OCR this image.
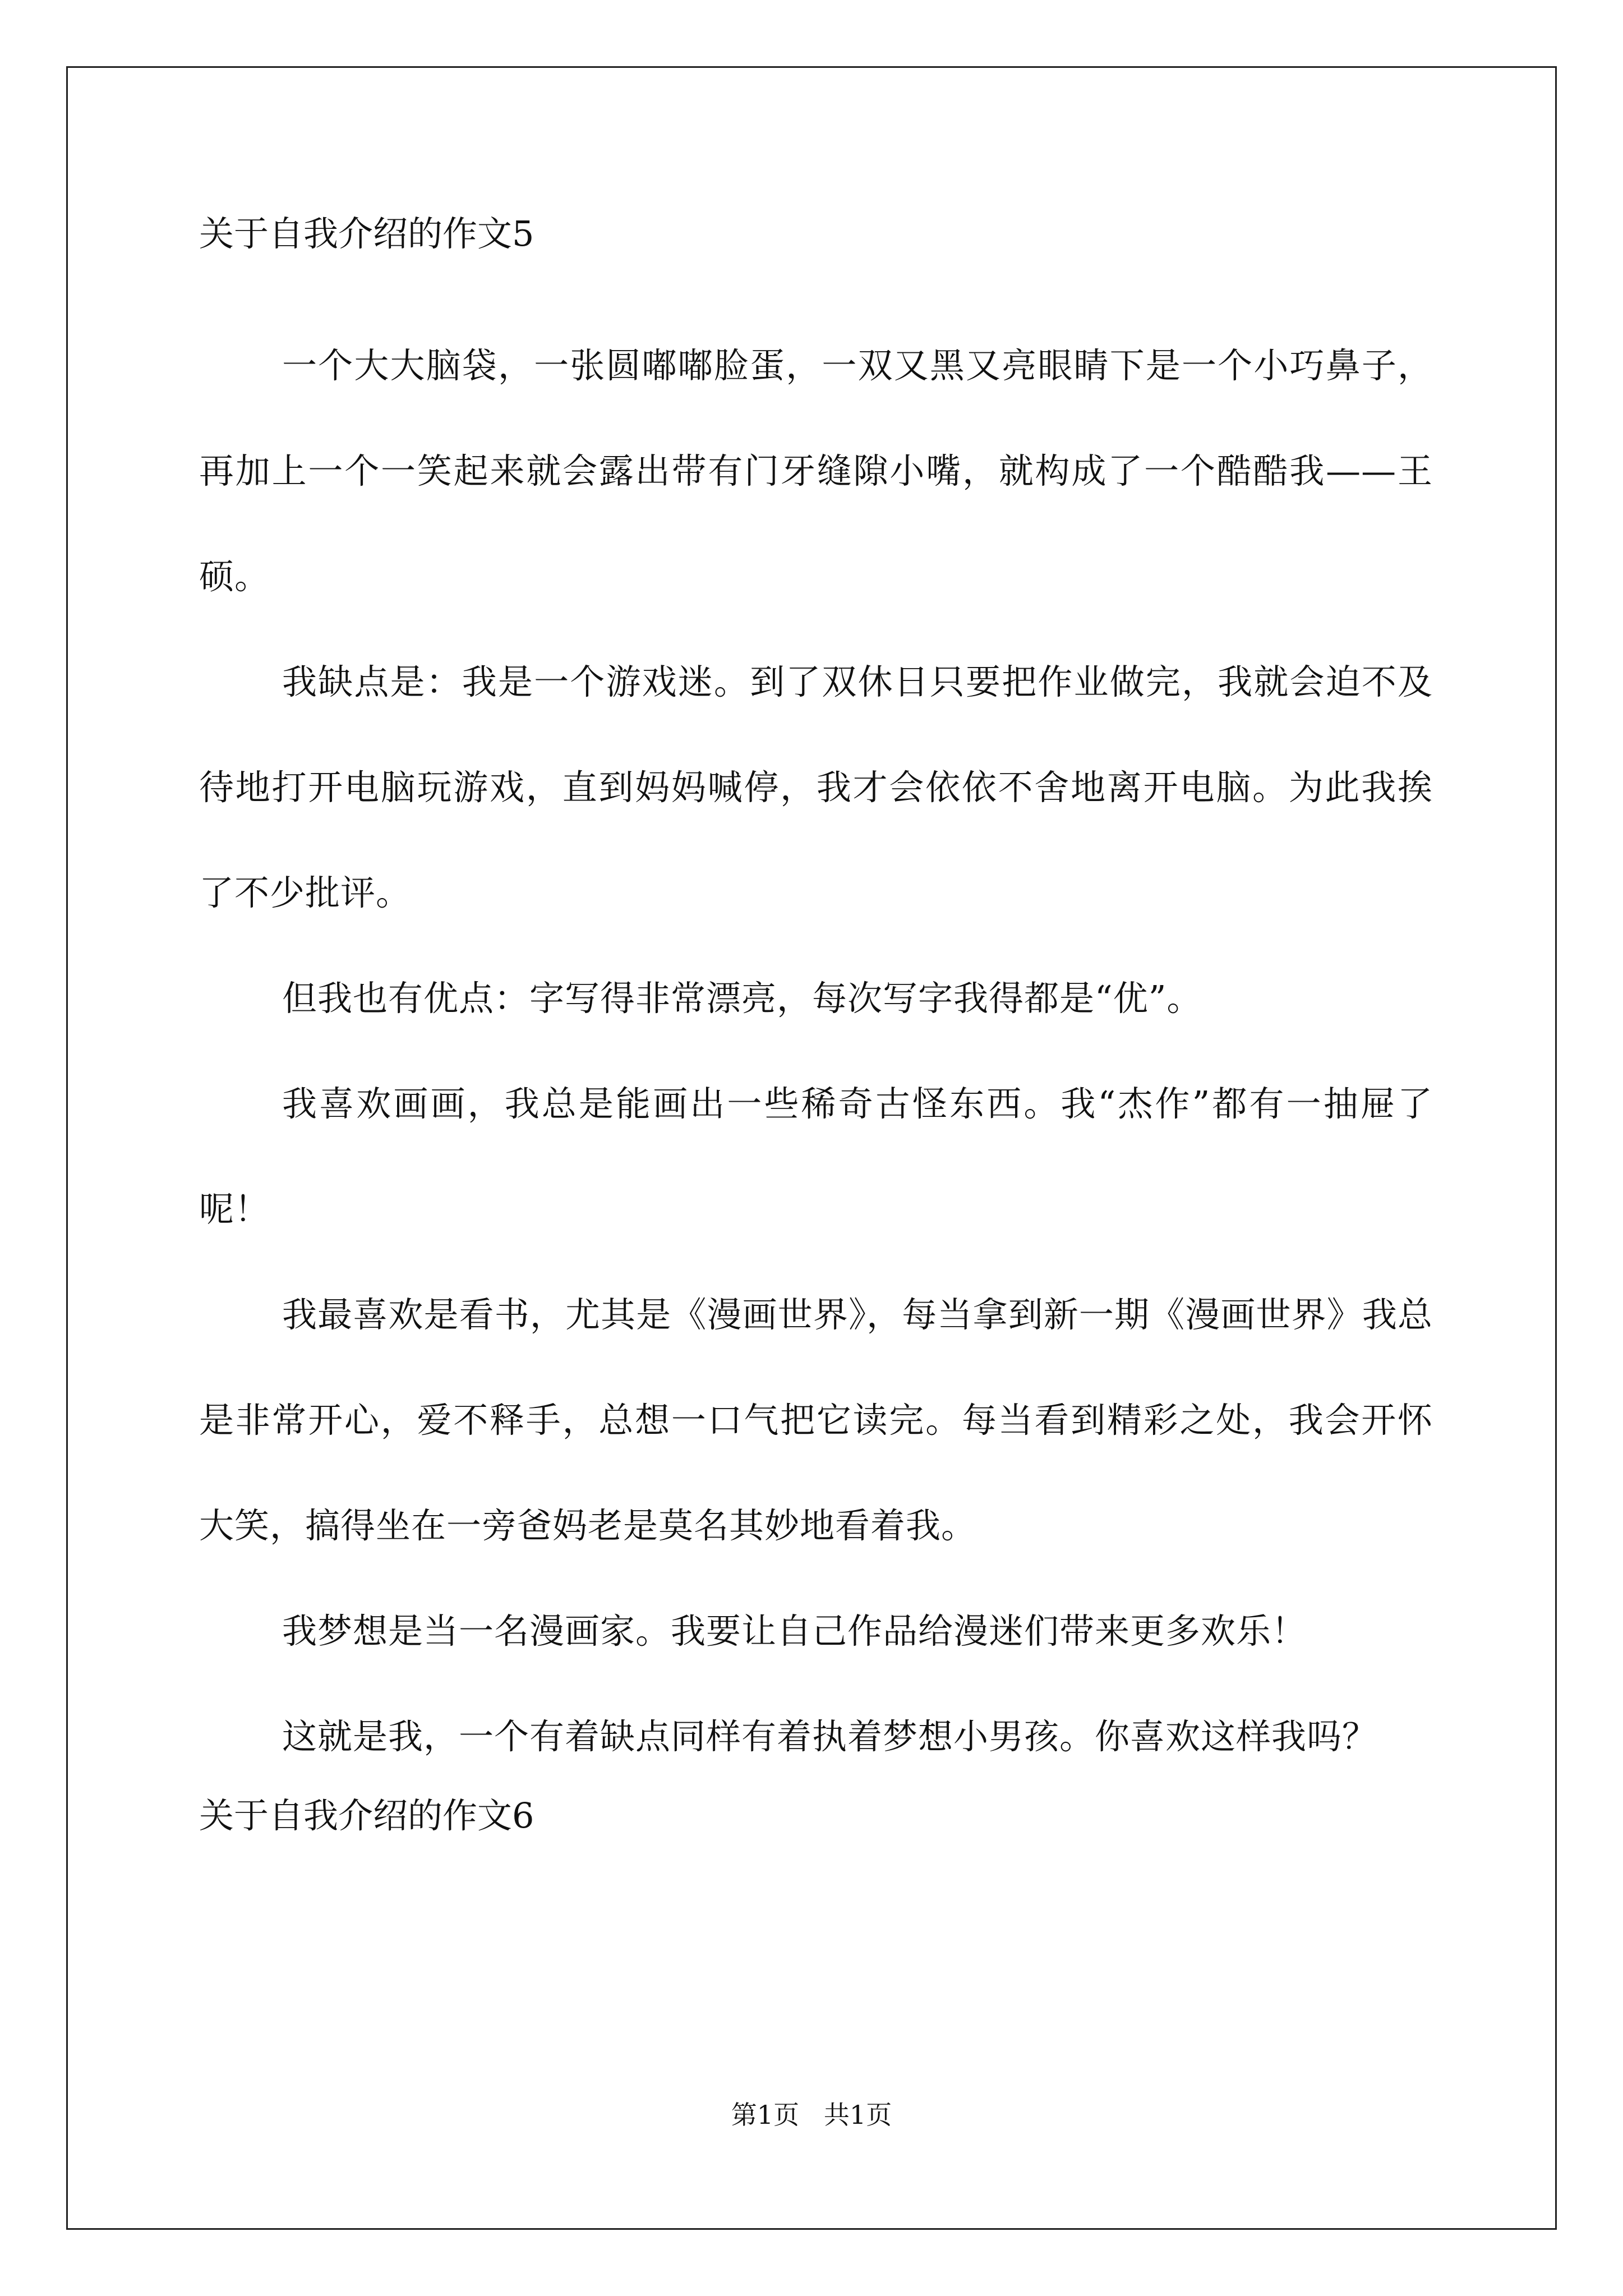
关于自我介绍的作文5

一个大大脑袋，一张圆嘟嘟脸蛋，一双又黑又亮眼睛下是一个小巧鼻子，再加上一个一笑起来就会露出带有门牙缝隙小嘴，就构成了一个酷酷我——王硕。

我缺点是：我是一个游戏迷。到了双休日只要把作业做完，我就会迫不及待地打开电脑玩游戏，直到妈妈喊停，我才会依依不舍地离开电脑。为此我挨了不少批评。

但我也有优点：字写得非常漂亮，每次写字我得都是“优”。

我喜欢画画，我总是能画出一些稀奇古怪东西。我“杰作”都有一抽屉了呢！

我最喜欢是看书，尤其是《漫画世界》，每当拿到新一期《漫画世界》我总是非常开心，爱不释手，总想一口气把它读完。每当看到精彩之处，我会开怀大笑，搞得坐在一旁爸妈老是莫名其妙地看着我。

我梦想是当一名漫画家。我要让自己作品给漫迷们带来更多欢乐！

这就是我，一个有着缺点同样有着执着梦想小男孩。你喜欢这样我吗？

关于自我介绍的作文6
第1页   共1页
